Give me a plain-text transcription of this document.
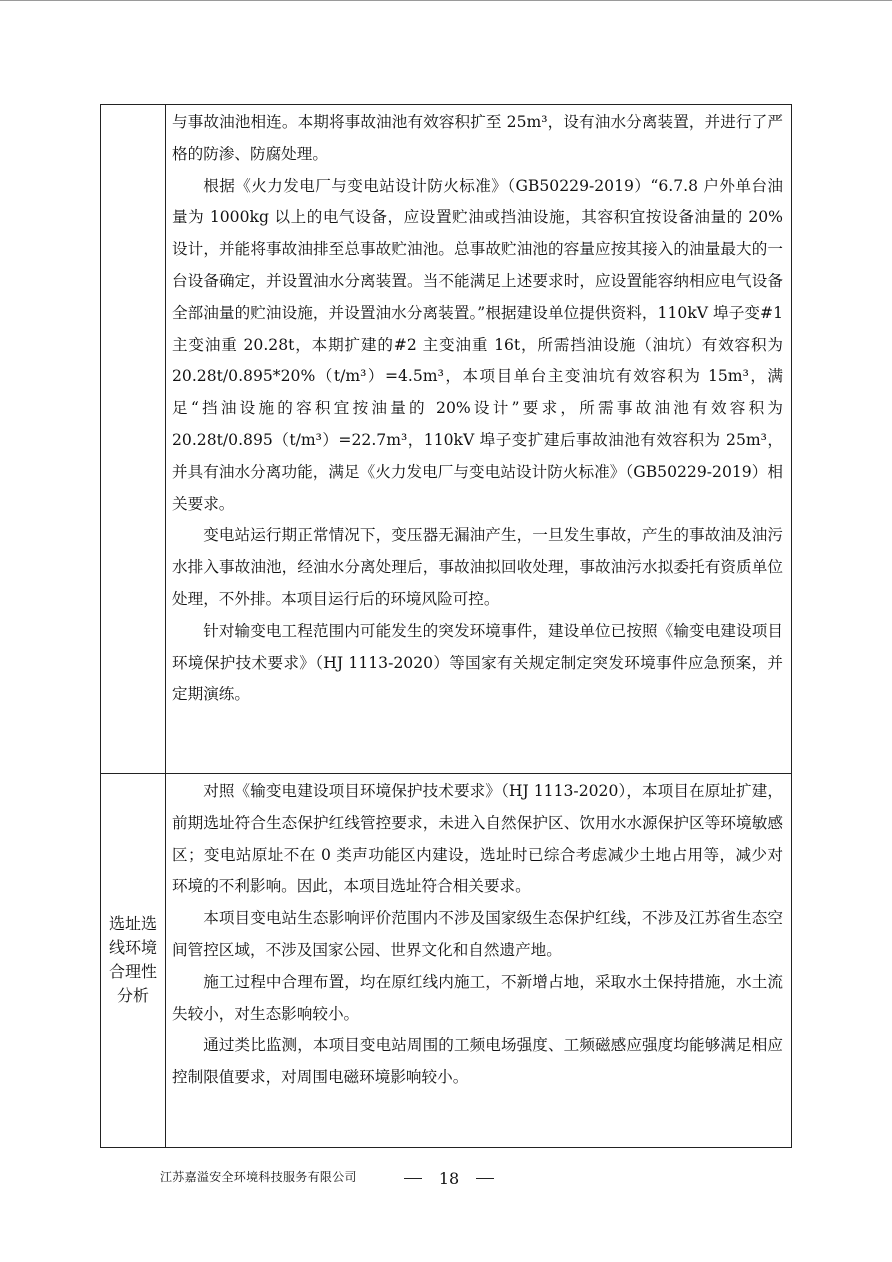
与事故油池相连。本期将事故油池有效容积扩至 25m³，设有油水分离装置，并进行了严格的防渗、防腐处理。

根据《火力发电厂与变电站设计防火标准》（GB50229-2019）“6.7.8 户外单台油量为 1000kg 以上的电气设备，应设置贮油或挡油设施，其容积宜按设备油量的 20% 设计，并能将事故油排至总事故贮油池。总事故贮油池的容量应按其接入的油量最大的一台设备确定，并设置油水分离装置。当不能满足上述要求时，应设置能容纳相应电气设备全部油量的贮油设施，并设置油水分离装置。”根据建设单位提供资料，110kV 埠子变#1 主变油重 20.28t，本期扩建的#2 主变油重 16t，所需挡油设施（油坑）有效容积为 20.28t/0.895*20%（t/m³）=4.5m³，本项目单台主变油坑有效容积为 15m³，满足“挡油设施的容积宜按油量的 20%设计”要求，所需事故油池有效容积为 20.28t/0.895（t/m³）=22.7m³，110kV 埠子变扩建后事故油池有效容积为 25m³，并具有油水分离功能，满足《火力发电厂与变电站设计防火标准》（GB50229-2019）相关要求。

变电站运行期正常情况下，变压器无漏油产生，一旦发生事故，产生的事故油及油污水排入事故油池，经油水分离处理后，事故油拟回收处理，事故油污水拟委托有资质单位处理，不外排。本项目运行后的环境风险可控。

针对输变电工程范围内可能发生的突发环境事件，建设单位已按照《输变电建设项目环境保护技术要求》（HJ 1113-2020）等国家有关规定制定突发环境事件应急预案，并定期演练。

选址选线环境合理性分析

对照《输变电建设项目环境保护技术要求》（HJ 1113-2020），本项目在原址扩建，前期选址符合生态保护红线管控要求，未进入自然保护区、饮用水水源保护区等环境敏感区；变电站原址不在 0 类声功能区内建设，选址时已综合考虑减少土地占用等，减少对环境的不利影响。因此，本项目选址符合相关要求。

本项目变电站生态影响评价范围内不涉及国家级生态保护红线，不涉及江苏省生态空间管控区域，不涉及国家公园、世界文化和自然遗产地。

施工过程中合理布置，均在原红线内施工，不新增占地，采取水土保持措施，水土流失较小，对生态影响较小。

通过类比监测，本项目变电站周围的工频电场强度、工频磁感应强度均能够满足相应控制限值要求，对周围电磁环境影响较小。

江苏嘉溢安全环境科技服务有限公司	18
